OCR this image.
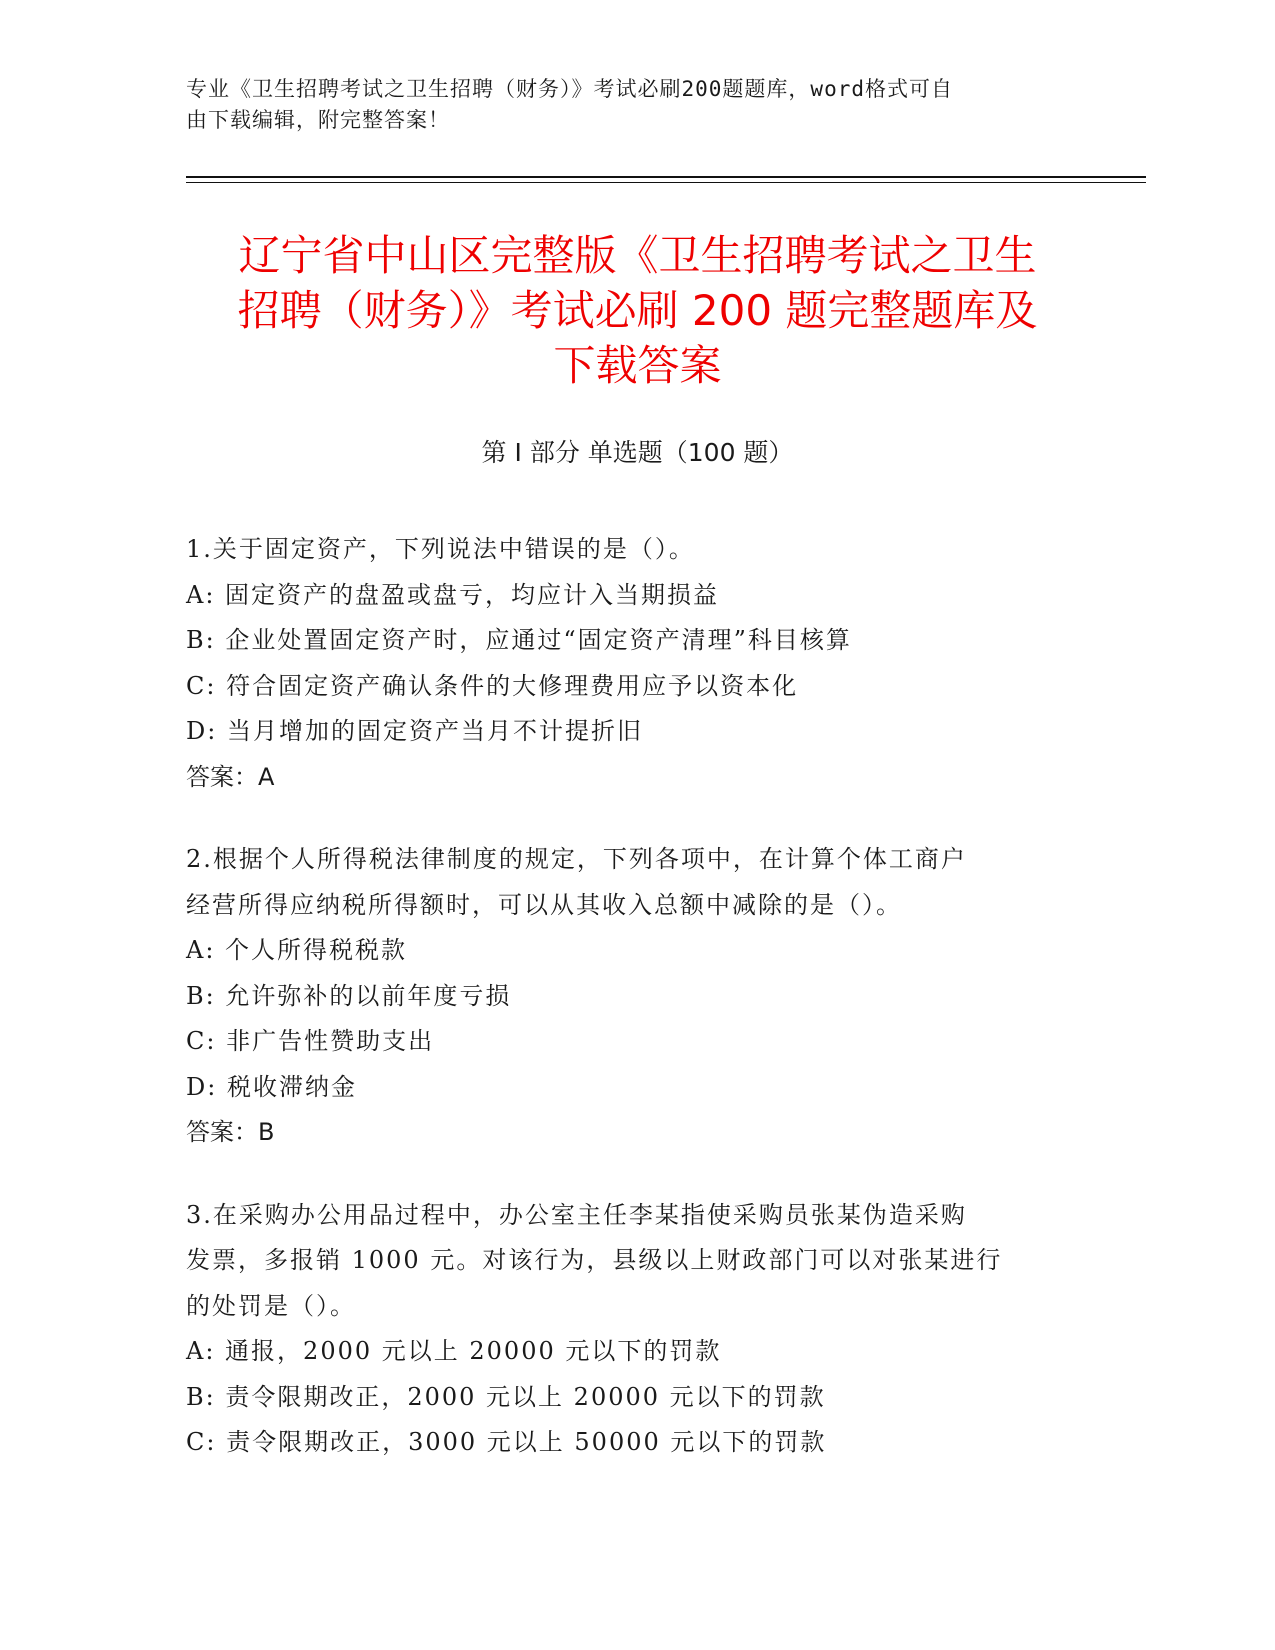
专业《卫生招聘考试之卫生招聘（财务）》考试必刷200题题库，word格式可自
由下载编辑，附完整答案！
辽宁省中山区完整版《卫生招聘考试之卫生
招聘（财务）》考试必刷 200 题完整题库及
下载答案
第 I 部分 单选题（100 题）
1.关于固定资产，下列说法中错误的是（）。
A: 固定资产的盘盈或盘亏，均应计入当期损益
B: 企业处置固定资产时，应通过“固定资产清理”科目核算
C: 符合固定资产确认条件的大修理费用应予以资本化
D: 当月增加的固定资产当月不计提折旧
答案：A
2.根据个人所得税法律制度的规定，下列各项中，在计算个体工商户
经营所得应纳税所得额时，可以从其收入总额中减除的是（）。
A: 个人所得税税款
B: 允许弥补的以前年度亏损
C: 非广告性赞助支出
D: 税收滞纳金
答案：B
3.在采购办公用品过程中，办公室主任李某指使采购员张某伪造采购
发票，多报销 1000 元。对该行为，县级以上财政部门可以对张某进行
的处罚是（）。
A: 通报，2000 元以上 20000 元以下的罚款
B: 责令限期改正，2000 元以上 20000 元以下的罚款
C: 责令限期改正，3000 元以上 50000 元以下的罚款
